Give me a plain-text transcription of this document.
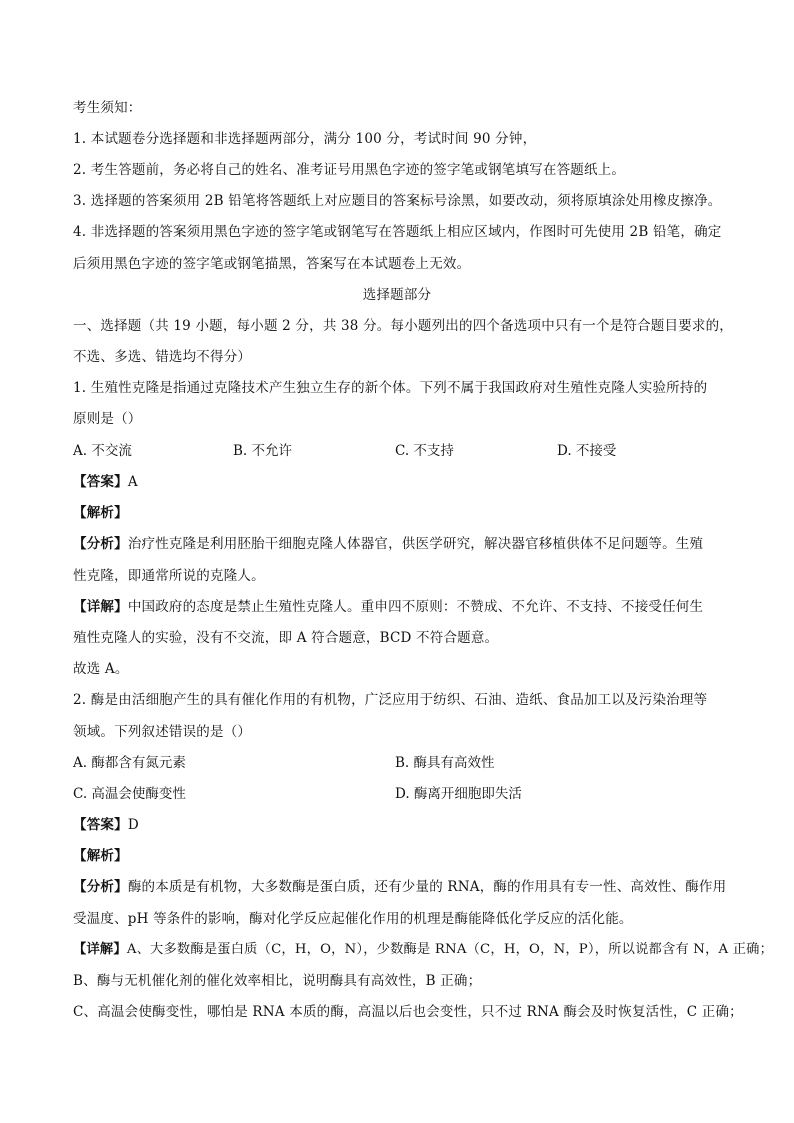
考生须知：
1. 本试题卷分选择题和非选择题两部分，满分 100 分，考试时间 90 分钟，
2. 考生答题前，务必将自己的姓名、准考证号用黑色字迹的签字笔或钢笔填写在答题纸上。
3. 选择题的答案须用 2B 铅笔将答题纸上对应题目的答案标号涂黑，如要改动，须将原填涂处用橡皮擦净。
4. 非选择题的答案须用黑色字迹的签字笔或钢笔写在答题纸上相应区域内，作图时可先使用 2B 铅笔，确定
后须用黑色字迹的签字笔或钢笔描黑，答案写在本试题卷上无效。
选择题部分
一、选择题（共 19 小题，每小题 2 分，共 38 分。每小题列出的四个备选项中只有一个是符合题目要求的，
不选、多选、错选均不得分）
1. 生殖性克隆是指通过克隆技术产生独立生存的新个体。下列不属于我国政府对生殖性克隆人实验所持的
原则是（）
A. 不交流	B. 不允许	C. 不支持	D. 不接受
【答案】A
【解析】
【分析】治疗性克隆是利用胚胎干细胞克隆人体器官，供医学研究，解决器官移植供体不足问题等。生殖
性克隆，即通常所说的克隆人。
【详解】中国政府的态度是禁止生殖性克隆人。重申四不原则：不赞成、不允许、不支持、不接受任何生
殖性克隆人的实验，没有不交流，即 A 符合题意，BCD 不符合题意。
故选 A。
2. 酶是由活细胞产生的具有催化作用的有机物，广泛应用于纺织、石油、造纸、食品加工以及污染治理等
领域。下列叙述错误的是（）
A. 酶都含有氮元素	B. 酶具有高效性
C. 高温会使酶变性	D. 酶离开细胞即失活
【答案】D
【解析】
【分析】酶的本质是有机物，大多数酶是蛋白质，还有少量的 RNA，酶的作用具有专一性、高效性、酶作用
受温度、pH 等条件的影响，酶对化学反应起催化作用的机理是酶能降低化学反应的活化能。
【详解】A、大多数酶是蛋白质（C，H，O，N），少数酶是 RNA（C，H，O，N，P），所以说都含有 N，A 正确；
B、酶与无机催化剂的催化效率相比，说明酶具有高效性，B 正确；
C、高温会使酶变性，哪怕是 RNA 本质的酶，高温以后也会变性，只不过 RNA 酶会及时恢复活性，C 正确；
